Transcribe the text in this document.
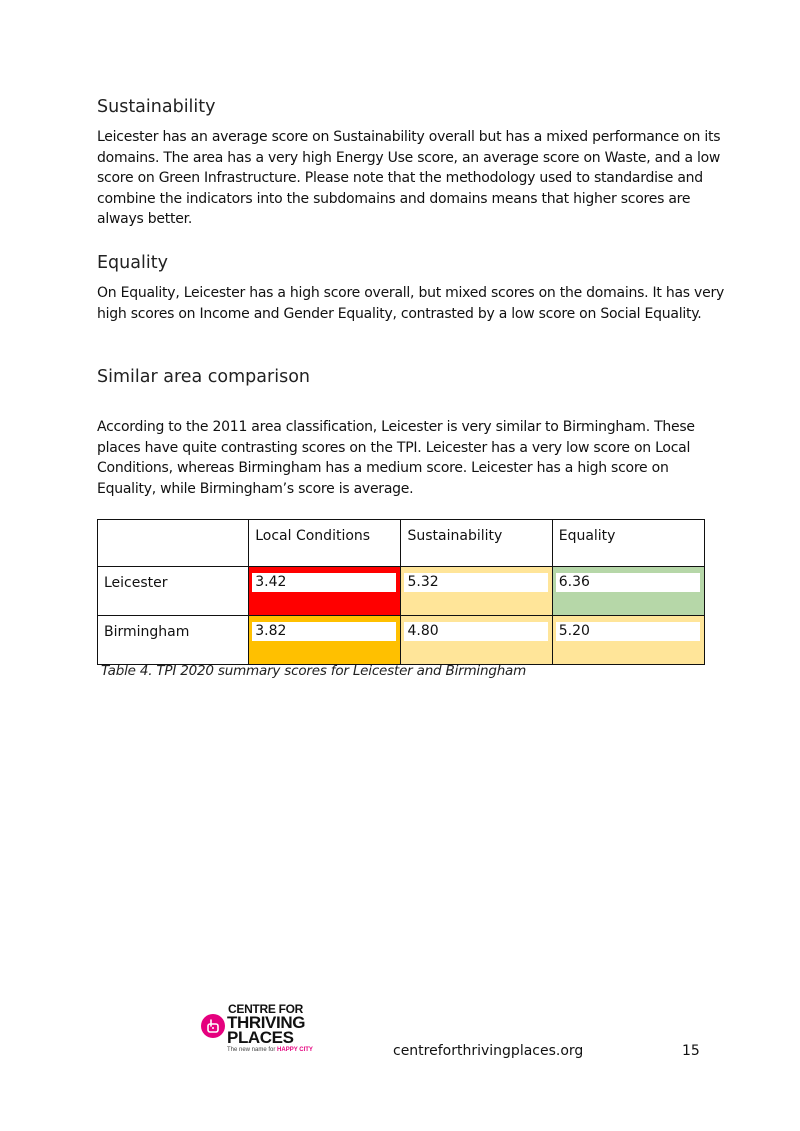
Sustainability

Leicester has an average score on Sustainability overall but has a mixed performance on its domains. The area has a very high Energy Use score, an average score on Waste, and a low score on Green Infrastructure. Please note that the methodology used to standardise and combine the indicators into the subdomains and domains means that higher scores are always better.

Equality

On Equality, Leicester has a high score overall, but mixed scores on the domains. It has very high scores on Income and Gender Equality, contrasted by a low score on Social Equality.

Similar area comparison

According to the 2011 area classification, Leicester is very similar to Birmingham. These places have quite contrasting scores on the TPI. Leicester has a very low score on Local Conditions, whereas Birmingham has a medium score. Leicester has a high score on Equality, while Birmingham’s score is average.

	Local Conditions	Sustainability	Equality
Leicester	3.42	5.32	6.36

Birmingham	3.82	4.80	5.20
Table 4. TPI 2020 summary scores for Leicester and Birmingham
CENTRE FOR
THRIVING
PLACES
The new name for HAPPY CITY	centreforthrivingplaces.org	15
